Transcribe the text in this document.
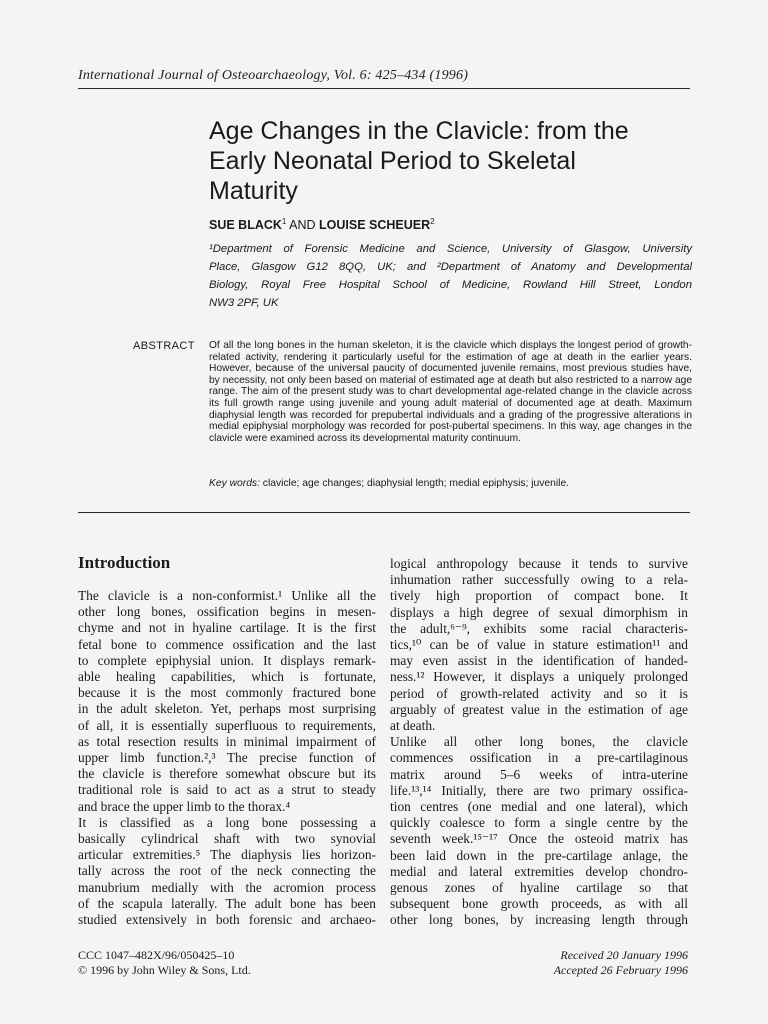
International Journal of Osteoarchaeology, Vol. 6: 425–434 (1996)
Age Changes in the Clavicle: from the
Early Neonatal Period to Skeletal
Maturity
SUE BLACK$^1$ AND LOUISE SCHEUER$^2$
¹Department of Forensic Medicine and Science, University of Glasgow, University
Place, Glasgow G12 8QQ, UK; and ²Department of Anatomy and Developmental
Biology, Royal Free Hospital School of Medicine, Rowland Hill Street, London
NW3 2PF, UK
ABSTRACT Of all the long bones in the human skeleton, it is the clavicle which displays the longest period of growth-related activity, rendering it particularly useful for the estimation of age at death in the earlier years. However, because of the universal paucity of documented juvenile remains, most previous studies have, by necessity, not only been based on material of estimated age at death but also restricted to a narrow age range. The aim of the present study was to chart developmental age-related change in the clavicle across its full growth range using juvenile and young adult material of documented age at death. Maximum diaphysial length was recorded for prepubertal individuals and a grading of the progressive alterations in medial epiphysial morphology was recorded for post-pubertal specimens. In this way, age changes in the clavicle were examined across its developmental maturity continuum.
Key words: clavicle; age changes; diaphysial length; medial epiphysis; juvenile.
Introduction
The clavicle is a non-conformist.¹ Unlike all the
other long bones, ossification begins in mesen-
chyme and not in hyaline cartilage. It is the first
fetal bone to commence ossification and the last
to complete epiphysial union. It displays remark-
able healing capabilities, which is fortunate,
because it is the most commonly fractured bone
in the adult skeleton. Yet, perhaps most surprising
of all, it is essentially superfluous to requirements,
as total resection results in minimal impairment of
upper limb function.²,³ The precise function of
the clavicle is therefore somewhat obscure but its
traditional role is said to act as a strut to steady
and brace the upper limb to the thorax.⁴
It is classified as a long bone possessing a
basically cylindrical shaft with two synovial
articular extremities.⁵ The diaphysis lies horizon-
tally across the root of the neck connecting the
manubrium medially with the acromion process
of the scapula laterally. The adult bone has been
studied extensively in both forensic and archaeo-
logical anthropology because it tends to survive
inhumation rather successfully owing to a rela-
tively high proportion of compact bone. It
displays a high degree of sexual dimorphism in
the adult,⁶⁻⁹, exhibits some racial characteris-
tics,¹⁰ can be of value in stature estimation¹¹ and
may even assist in the identification of handed-
ness.¹² However, it displays a uniquely prolonged
period of growth-related activity and so it is
arguably of greatest value in the estimation of age
at death.
Unlike all other long bones, the clavicle
commences ossification in a pre-cartilaginous
matrix around 5–6 weeks of intra-uterine
life.¹³,¹⁴ Initially, there are two primary ossifica-
tion centres (one medial and one lateral), which
quickly coalesce to form a single centre by the
seventh week.¹⁵⁻¹⁷ Once the osteoid matrix has
been laid down in the pre-cartilage anlage, the
medial and lateral extremities develop chondro-
genous zones of hyaline cartilage so that
subsequent bone growth proceeds, as with all
other long bones, by increasing length through
CCC 1047–482X/96/050425–10
© 1996 by John Wiley & Sons, Ltd.
Received 20 January 1996
Accepted 26 February 1996
